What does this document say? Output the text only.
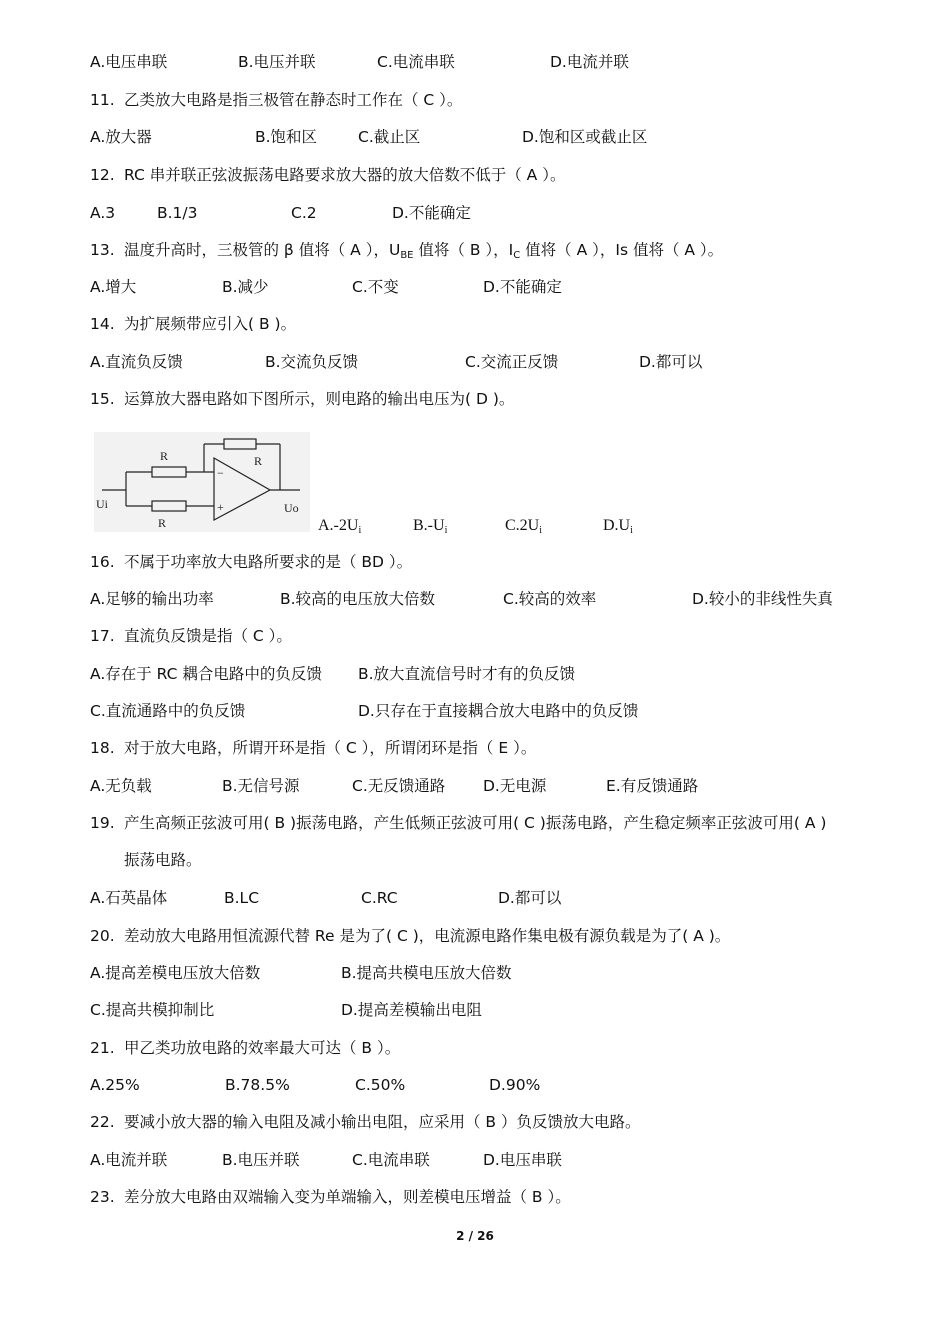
A.电压串联	B.电压并联	C.电流串联	D.电流并联
11. 乙类放大电路是指三极管在静态时工作在（ C ）。
A.放大器	B.饱和区	C.截止区	D.饱和区或截止区
12. RC 串并联正弦波振荡电路要求放大器的放大倍数不低于（ A ）。
A.3	B.1/3	C.2	D.不能确定
A.增大	B.减少	C.不变	D.不能确定
14. 为扩展频带应引入( B )。
A.直流负反馈	B.交流负反馈	C.交流正反馈	D.都可以
15. 运算放大器电路如下图所示，则电路的输出电压为( D )。
16. 不属于功率放大电路所要求的是（ BD ）。
A.足够的输出功率	B.较高的电压放大倍数	C.较高的效率	D.较小的非线性失真
17. 直流负反馈是指（ C ）。
A.存在于 RC 耦合电路中的负反馈 B.放大直流信号时才有的负反馈
C.直流通路中的负反馈	D.只存在于直接耦合放大电路中的负反馈
18. 对于放大电路，所谓开环是指（ C ），所谓闭环是指（ E ）。
A.无负载	B.无信号源	C.无反馈通路 D.无电源	E.有反馈通路
19. 产生高频正弦波可用( B )振荡电路，产生低频正弦波可用( C )振荡电路，产生稳定频率正弦波可用( A )
振荡电路。
A.石英晶体	B.LC	C.RC	D.都可以
20. 差动放大电路用恒流源代替 Re 是为了( C )，电流源电路作集电极有源负载是为了( A )。
A.提高差模电压放大倍数	B.提高共模电压放大倍数
C.提高共模抑制比	D.提高差模输出电阻
21. 甲乙类功放电路的效率最大可达（ B ）。
A.25%	B.78.5%	C.50%	D.90%
22. 要减小放大器的输入电阻及减小输出电阻，应采用（ B ）负反馈放大电路。
A.电流并联	B.电压并联	C.电流串联	D.电压串联
23. 差分放大电路由双端输入变为单端输入，则差模电压增益（ B ）。
13. 温度升高时，三极管的 β 值将（ A ），$U_{BE}$ 值将（ B ），$I_C$ 值将（ A ），Is 值将（ A ）。
R	R
R
Ui	Uo
−
+
$A.-2U_i$	$B.-U_i$	$C.2U_i$	$D.U_i$
2 / 26
